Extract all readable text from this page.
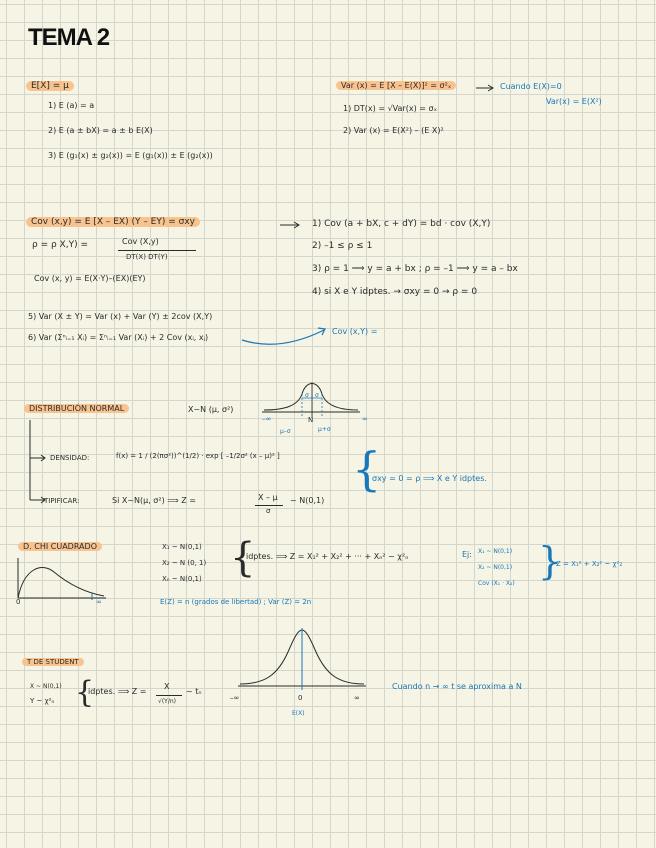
TEMA 2
E[X] = μ
1) E (a) = a
2) E (a ± bX) = a ± b E(X)
3) E (g₁(x) ± g₂(x)) = E (g₁(x)) ± E (g₂(x))
Var (x) = E [X – E(X)]² = σ²ₓ	Cuando E(X)=0
Var(x) = E(X²)
1) DT(x) = √Var(x) = σₓ
2) Var (x) = E(X²) – (E X)²
Cov (x,y) = E [X – EX) (Y – EY) = σxy
ρ = ρ X,Y) =	Cov (X,y)
DT(X) DT(Y)
Cov (x, y) = E(X·Y)–(EX)(EY)
1) Cov (a + bX, c + dY) = bd · cov (X,Y)
2) –1 ≤ ρ ≤ 1
3) ρ = 1 ⟹ y = a + bx ; ρ = –1 ⟹ y = a – bx
4) si X e Y idptes. → σxy = 0 → ρ = 0
5) Var (X ± Y) = Var (x) + Var (Y) ± 2cov (X,Y)
6) Var (Σⁿᵢ₌₁ Xᵢ) = Σⁿᵢ₌₁ Var (Xᵢ) + 2 Cov (xᵢ, xⱼ)
Cov (x,Y) =
DISTRIBUCIÓN NORMAL	X~N (μ, σ²)
σ σ
–∞	N	∞
μ–σ	μ+σ
DENSIDAD:	f(x) = 1 / (2(πσ²))^(1/2) · exp [ –1/2σ² (x – μ)² ]
TIPIFICAR:	Si X~N(μ, σ²) ⟹ Z =	X – μ
σ
~ N(0,1)
{
σxy = 0 = ρ ⟹ X e Y idptes.
D. CHI CUADRADO
0	∞
X₁ ~ N(0,1)
X₂ ~ N (0, 1)
Xₙ ~ N(0,1) {
idptes. ⟹ Z = X₁² + X₂² + ··· + Xₙ² ~ χ²ₙ
E(Z) = n (grados de libertad) ; Var (Z) = 2n
Ej: X₁ ~ N(0,1)
X₂ ~ N(0,1)
Cov (X₁ · X₂)
}
Z = X₁² + X₂² ~ χ²₂
T DE STUDENT
X ~ N(0,1)
Y ~ χ²ₙ {
idptes. ⟹ Z =
X
√(Y/n)
~ tₙ
–∞	0	∞
E(X)
Cuando n → ∞ t se aproxima a N
